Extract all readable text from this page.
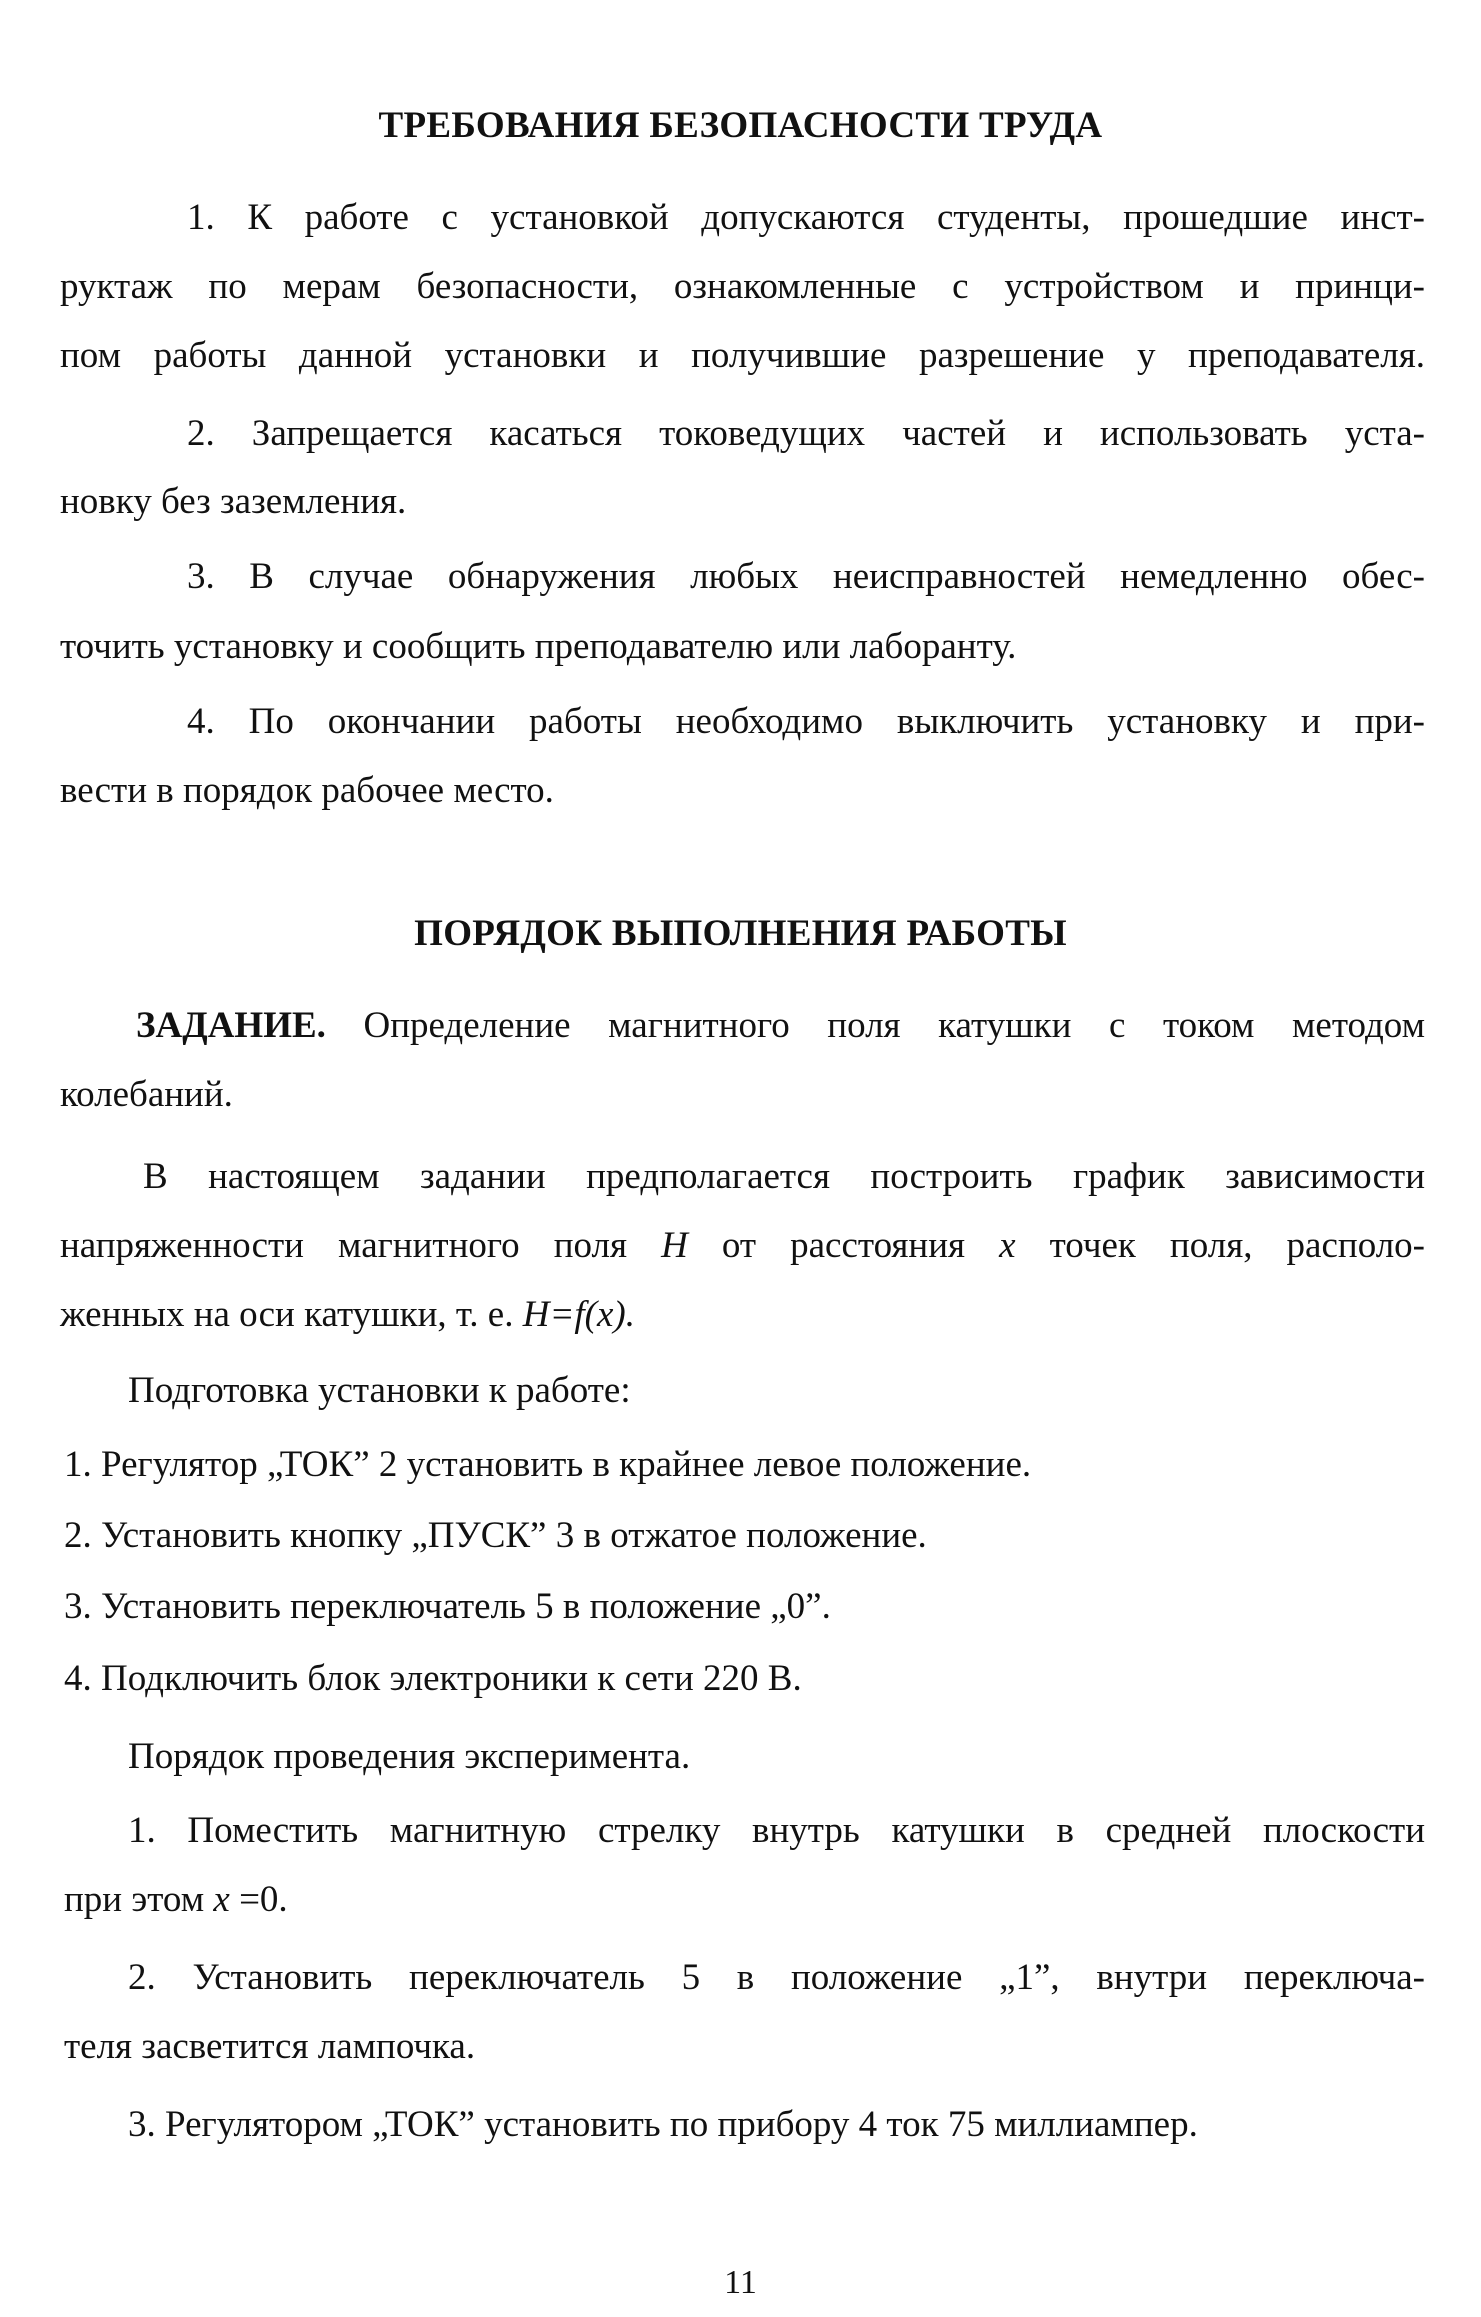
ТРЕБОВАНИЯ БЕЗОПАСНОСТИ ТРУДА
1. К работе с установкой допускаются студенты, прошедшие инст-
руктаж по мерам безопасности, ознакомленные с устройством и принци-
пом работы данной установки и получившие разрешение у преподавателя.
2. Запрещается касаться токоведущих частей и использовать уста-
новку без заземления.
3. В случае обнаружения любых неисправностей немедленно обес-
точить установку и сообщить преподавателю или лаборанту.
4. По окончании работы необходимо выключить установку и при-
вести в порядок рабочее место.
ПОРЯДОК ВЫПОЛНЕНИЯ РАБОТЫ
ЗАДАНИЕ. Определение магнитного поля катушки с током методом
колебаний.
В настоящем задании предполагается построить график зависимости
напряженности магнитного поля H от расстояния x точек поля, располо-
женных на оси катушки, т. е. H=f(x).
Подготовка установки к работе:
1. Регулятор „ТОК” 2 установить в крайнее левое положение.
2. Установить кнопку „ПУСК” 3 в отжатое положение.
3. Установить переключатель 5 в положение „0”.
4. Подключить блок электроники к сети 220 В.
Порядок проведения эксперимента.
1. Поместить магнитную стрелку внутрь катушки в средней плоскости
при этом x =0.
2. Установить переключатель 5 в положение „1”, внутри переключа-
теля засветится лампочка.
3. Регулятором „ТОК” установить по прибору 4 ток 75 миллиампер.
11
